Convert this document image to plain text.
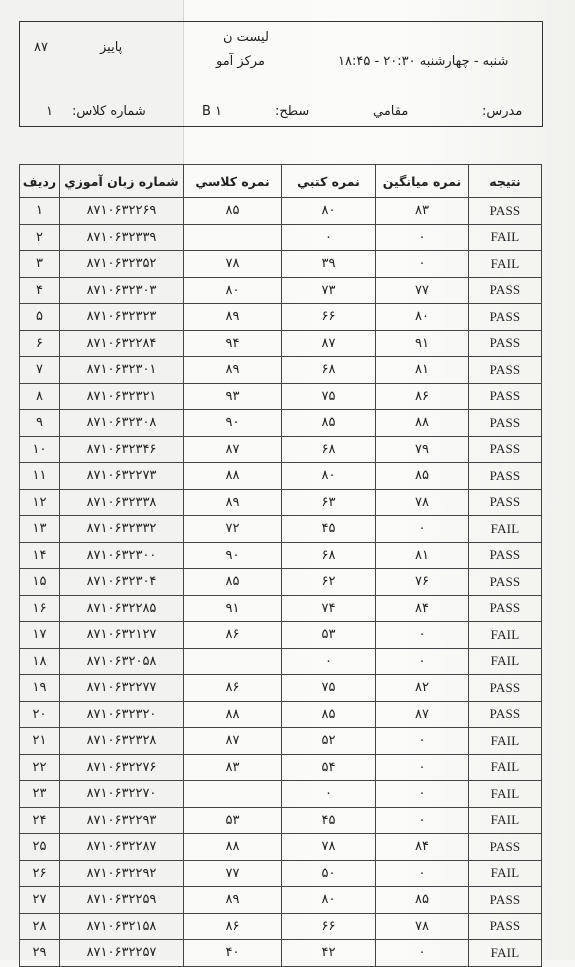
۸۷	پاییز
لیست ن
مرکز آمو	شنبه - چهارشنبه ۲۰:۳۰ - ۱۸:۴۵
مدرس:
مقامي
سطح:
B ۱
شماره كلاس:
۱
رديف	شماره زبان آموزي	نمره كلاسي	نمره كتبي	نمره ميانگين	نتيجه
۱	۸۷۱۰۶۳۲۲۶۹	۸۵	۸۰	۸۳	PASS
۲	۸۷۱۰۶۳۲۳۳۹		۰	۰	FAIL
۳	۸۷۱۰۶۳۲۳۵۲	۷۸	۳۹	۰	FAIL
۴	۸۷۱۰۶۳۲۳۰۳	۸۰	۷۳	۷۷	PASS
۵	۸۷۱۰۶۳۲۳۲۳	۸۹	۶۶	۸۰	PASS
۶	۸۷۱۰۶۳۲۲۸۴	۹۴	۸۷	۹۱	PASS
۷	۸۷۱۰۶۳۲۳۰۱	۸۹	۶۸	۸۱	PASS
۸	۸۷۱۰۶۳۲۳۲۱	۹۳	۷۵	۸۶	PASS
۹	۸۷۱۰۶۳۲۳۰۸	۹۰	۸۵	۸۸	PASS
۱۰	۸۷۱۰۶۳۲۳۴۶	۸۷	۶۸	۷۹	PASS
۱۱	۸۷۱۰۶۳۲۲۷۳	۸۸	۸۰	۸۵	PASS
۱۲	۸۷۱۰۶۳۲۳۳۸	۸۹	۶۳	۷۸	PASS
۱۳	۸۷۱۰۶۳۲۳۳۲	۷۲	۴۵	۰	FAIL
۱۴	۸۷۱۰۶۳۲۳۰۰	۹۰	۶۸	۸۱	PASS
۱۵	۸۷۱۰۶۳۲۳۰۴	۸۵	۶۲	۷۶	PASS
۱۶	۸۷۱۰۶۳۲۲۸۵	۹۱	۷۴	۸۴	PASS
۱۷	۸۷۱۰۶۳۲۱۲۷	۸۶	۵۳	۰	FAIL
۱۸	۸۷۱۰۶۳۲۰۵۸		۰	۰	FAIL
۱۹	۸۷۱۰۶۳۲۲۷۷	۸۶	۷۵	۸۲	PASS
۲۰	۸۷۱۰۶۳۲۳۲۰	۸۸	۸۵	۸۷	PASS
۲۱	۸۷۱۰۶۳۲۳۲۸	۸۷	۵۲	۰	FAIL
۲۲	۸۷۱۰۶۳۲۲۷۶	۸۳	۵۴	۰	FAIL
۲۳	۸۷۱۰۶۳۲۲۷۰		۰	۰	FAIL
۲۴	۸۷۱۰۶۳۲۲۹۳	۵۳	۴۵	۰	FAIL
۲۵	۸۷۱۰۶۳۲۲۸۷	۸۸	۷۸	۸۴	PASS
۲۶	۸۷۱۰۶۳۲۲۹۲	۷۷	۵۰	۰	FAIL
۲۷	۸۷۱۰۶۳۲۲۵۹	۸۹	۸۰	۸۵	PASS
۲۸	۸۷۱۰۶۳۲۱۵۸	۸۶	۶۶	۷۸	PASS
۲۹	۸۷۱۰۶۳۲۲۵۷	۴۰	۴۲	۰	FAIL
